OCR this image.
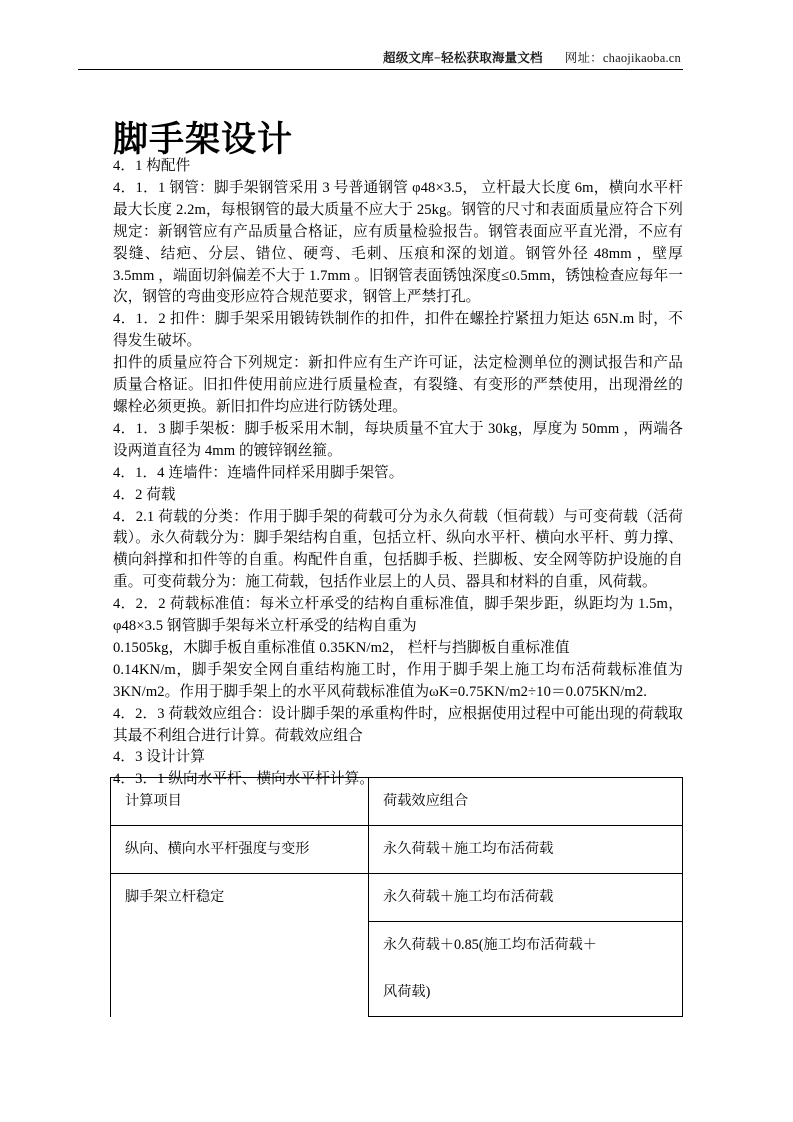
超级文库−轻松获取海量文档 网址：chaojikaoba.cn
脚手架设计

4．1 构配件

4．1．1 钢管：脚手架钢管采用 3 号普通钢管 φ48×3.5， 立杆最大长度 6m，横向水平杆最大长度 2.2m，每根钢管的最大质量不应大于 25kg。钢管的尺寸和表面质量应符合下列规定：新钢管应有产品质量合格证，应有质量检验报告。钢管表面应平直光滑，不应有裂缝、结疤、分层、错位、硬弯、毛刺、压痕和深的划道。钢管外径 48mm ，壁厚 3.5mm ，端面切斜偏差不大于 1.7mm 。旧钢管表面锈蚀深度≤0.5mm，锈蚀检查应每年一次，钢管的弯曲变形应符合规范要求，钢管上严禁打孔。

4．1．2 扣件：脚手架采用锻铸铁制作的扣件，扣件在螺拴拧紧扭力矩达 65N.m 时，不得发生破坏。

扣件的质量应符合下列规定：新扣件应有生产许可证，法定检测单位的测试报告和产品质量合格证。旧扣件使用前应进行质量检查，有裂缝、有变形的严禁使用，出现滑丝的螺栓必须更换。新旧扣件均应进行防锈处理。

4．1．3 脚手架板：脚手板采用木制，每块质量不宜大于 30kg，厚度为 50mm ，两端各设两道直径为 4mm 的镀锌钢丝箍。

4．1．4 连墙件：连墙件同样采用脚手架管。

4．2 荷载

4．2.1 荷载的分类：作用于脚手架的荷载可分为永久荷载（恒荷载）与可变荷载（活荷载）。永久荷载分为：脚手架结构自重，包括立杆、纵向水平杆、横向水平杆、剪力撑、横向斜撑和扣件等的自重。构配件自重，包括脚手板、拦脚板、安全网等防护设施的自重。可变荷载分为：施工荷载，包括作业层上的人员、器具和材料的自重，风荷载。

4．2．2 荷载标准值：每米立杆承受的结构自重标准值，脚手架步距，纵距均为 1.5m，φ48×3.5 钢管脚手架每米立杆承受的结构自重为

0.1505kg，木脚手板自重标准值 0.35KN/m2， 栏杆与挡脚板自重标准值

0.14KN/m，脚手架安全网自重结构施工时，作用于脚手架上施工均布活荷载标准值为 3KN/m2。作用于脚手架上的水平风荷载标准值为ωK=0.75KN/m2÷10＝0.075KN/m2.

4．2．3 荷载效应组合：设计脚手架的承重构件时，应根据使用过程中可能出现的荷载取其最不利组合进行计算。荷载效应组合

4．3 设计计算

4．3．1 纵向水平杆、横向水平杆计算。

计算项目	荷载效应组合
纵向、横向水平杆强度与变形	永久荷载＋施工均布活荷载
脚手架立杆稳定	永久荷载＋施工均布活荷载

	永久荷载＋0.85(施工均布活荷载＋
风荷载)
